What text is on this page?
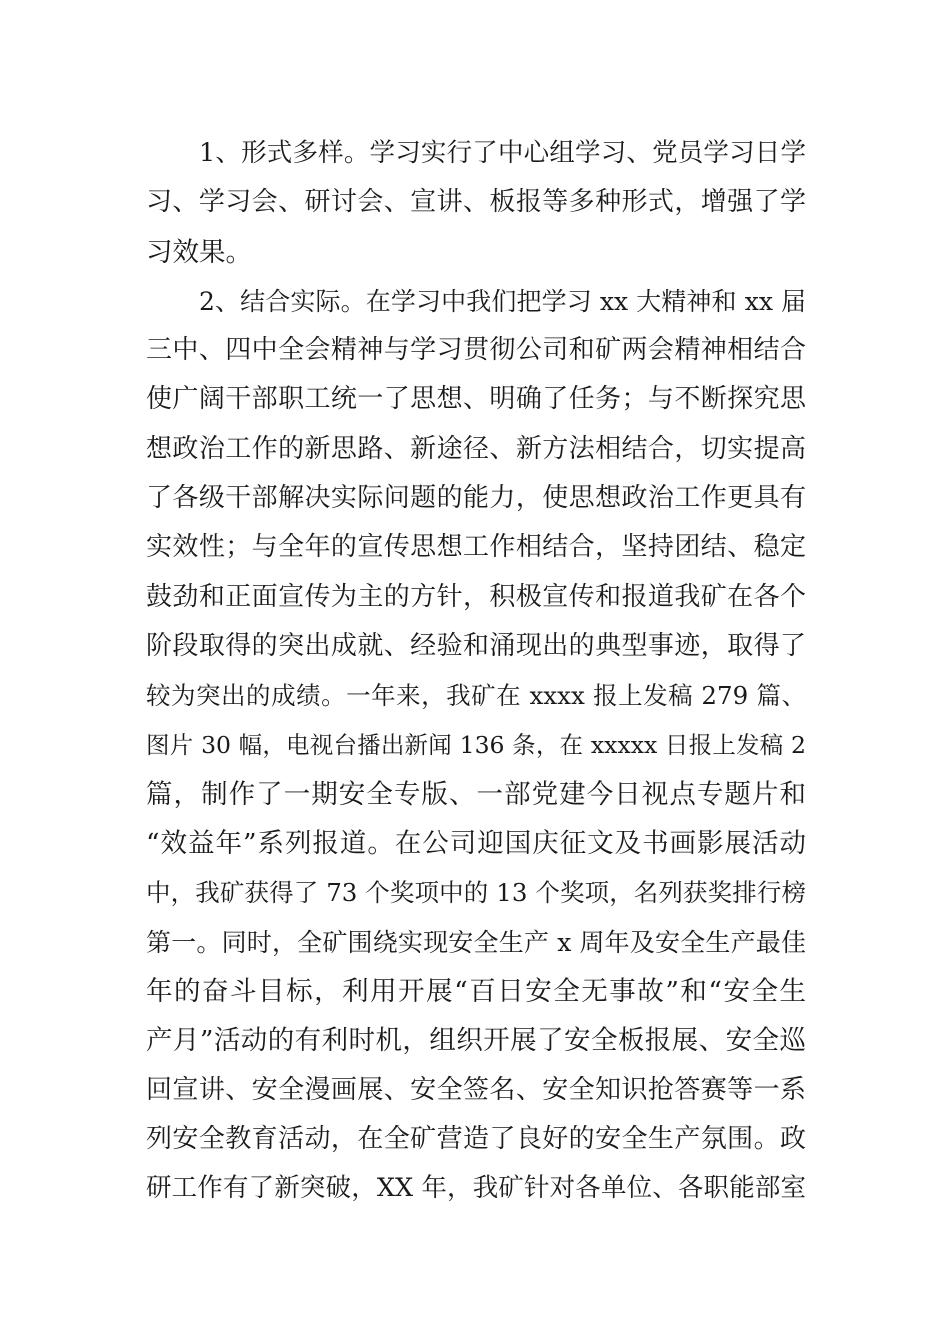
1、形式多样。学习实行了中心组学习、党员学习日学
习、学习会、研讨会、宣讲、板报等多种形式，增强了学
习效果。
2、结合实际。在学习中我们把学习 xx 大精神和 xx 届
三中、四中全会精神与学习贯彻公司和矿两会精神相结合
使广阔干部职工统一了思想、明确了任务；与不断探究思
想政治工作的新思路、新途径、新方法相结合，切实提高
了各级干部解决实际问题的能力，使思想政治工作更具有
实效性；与全年的宣传思想工作相结合，坚持团结、稳定
鼓劲和正面宣传为主的方针，积极宣传和报道我矿在各个
阶段取得的突出成就、经验和涌现出的典型事迹，取得了
较为突出的成绩。一年来，我矿在 xxxx 报上发稿 279 篇、
图片 30 幅，电视台播出新闻 136 条，在 xxxxx 日报上发稿 2
篇，制作了一期安全专版、一部党建今日视点专题片和
“效益年”系列报道。在公司迎国庆征文及书画影展活动
中，我矿获得了 73 个奖项中的 13 个奖项，名列获奖排行榜
第一。同时，全矿围绕实现安全生产 x 周年及安全生产最佳
年的奋斗目标，利用开展“百日安全无事故”和“安全生
产月”活动的有利时机，组织开展了安全板报展、安全巡
回宣讲、安全漫画展、安全签名、安全知识抢答赛等一系
列安全教育活动，在全矿营造了良好的安全生产氛围。政
研工作有了新突破，XX 年，我矿针对各单位、各职能部室
